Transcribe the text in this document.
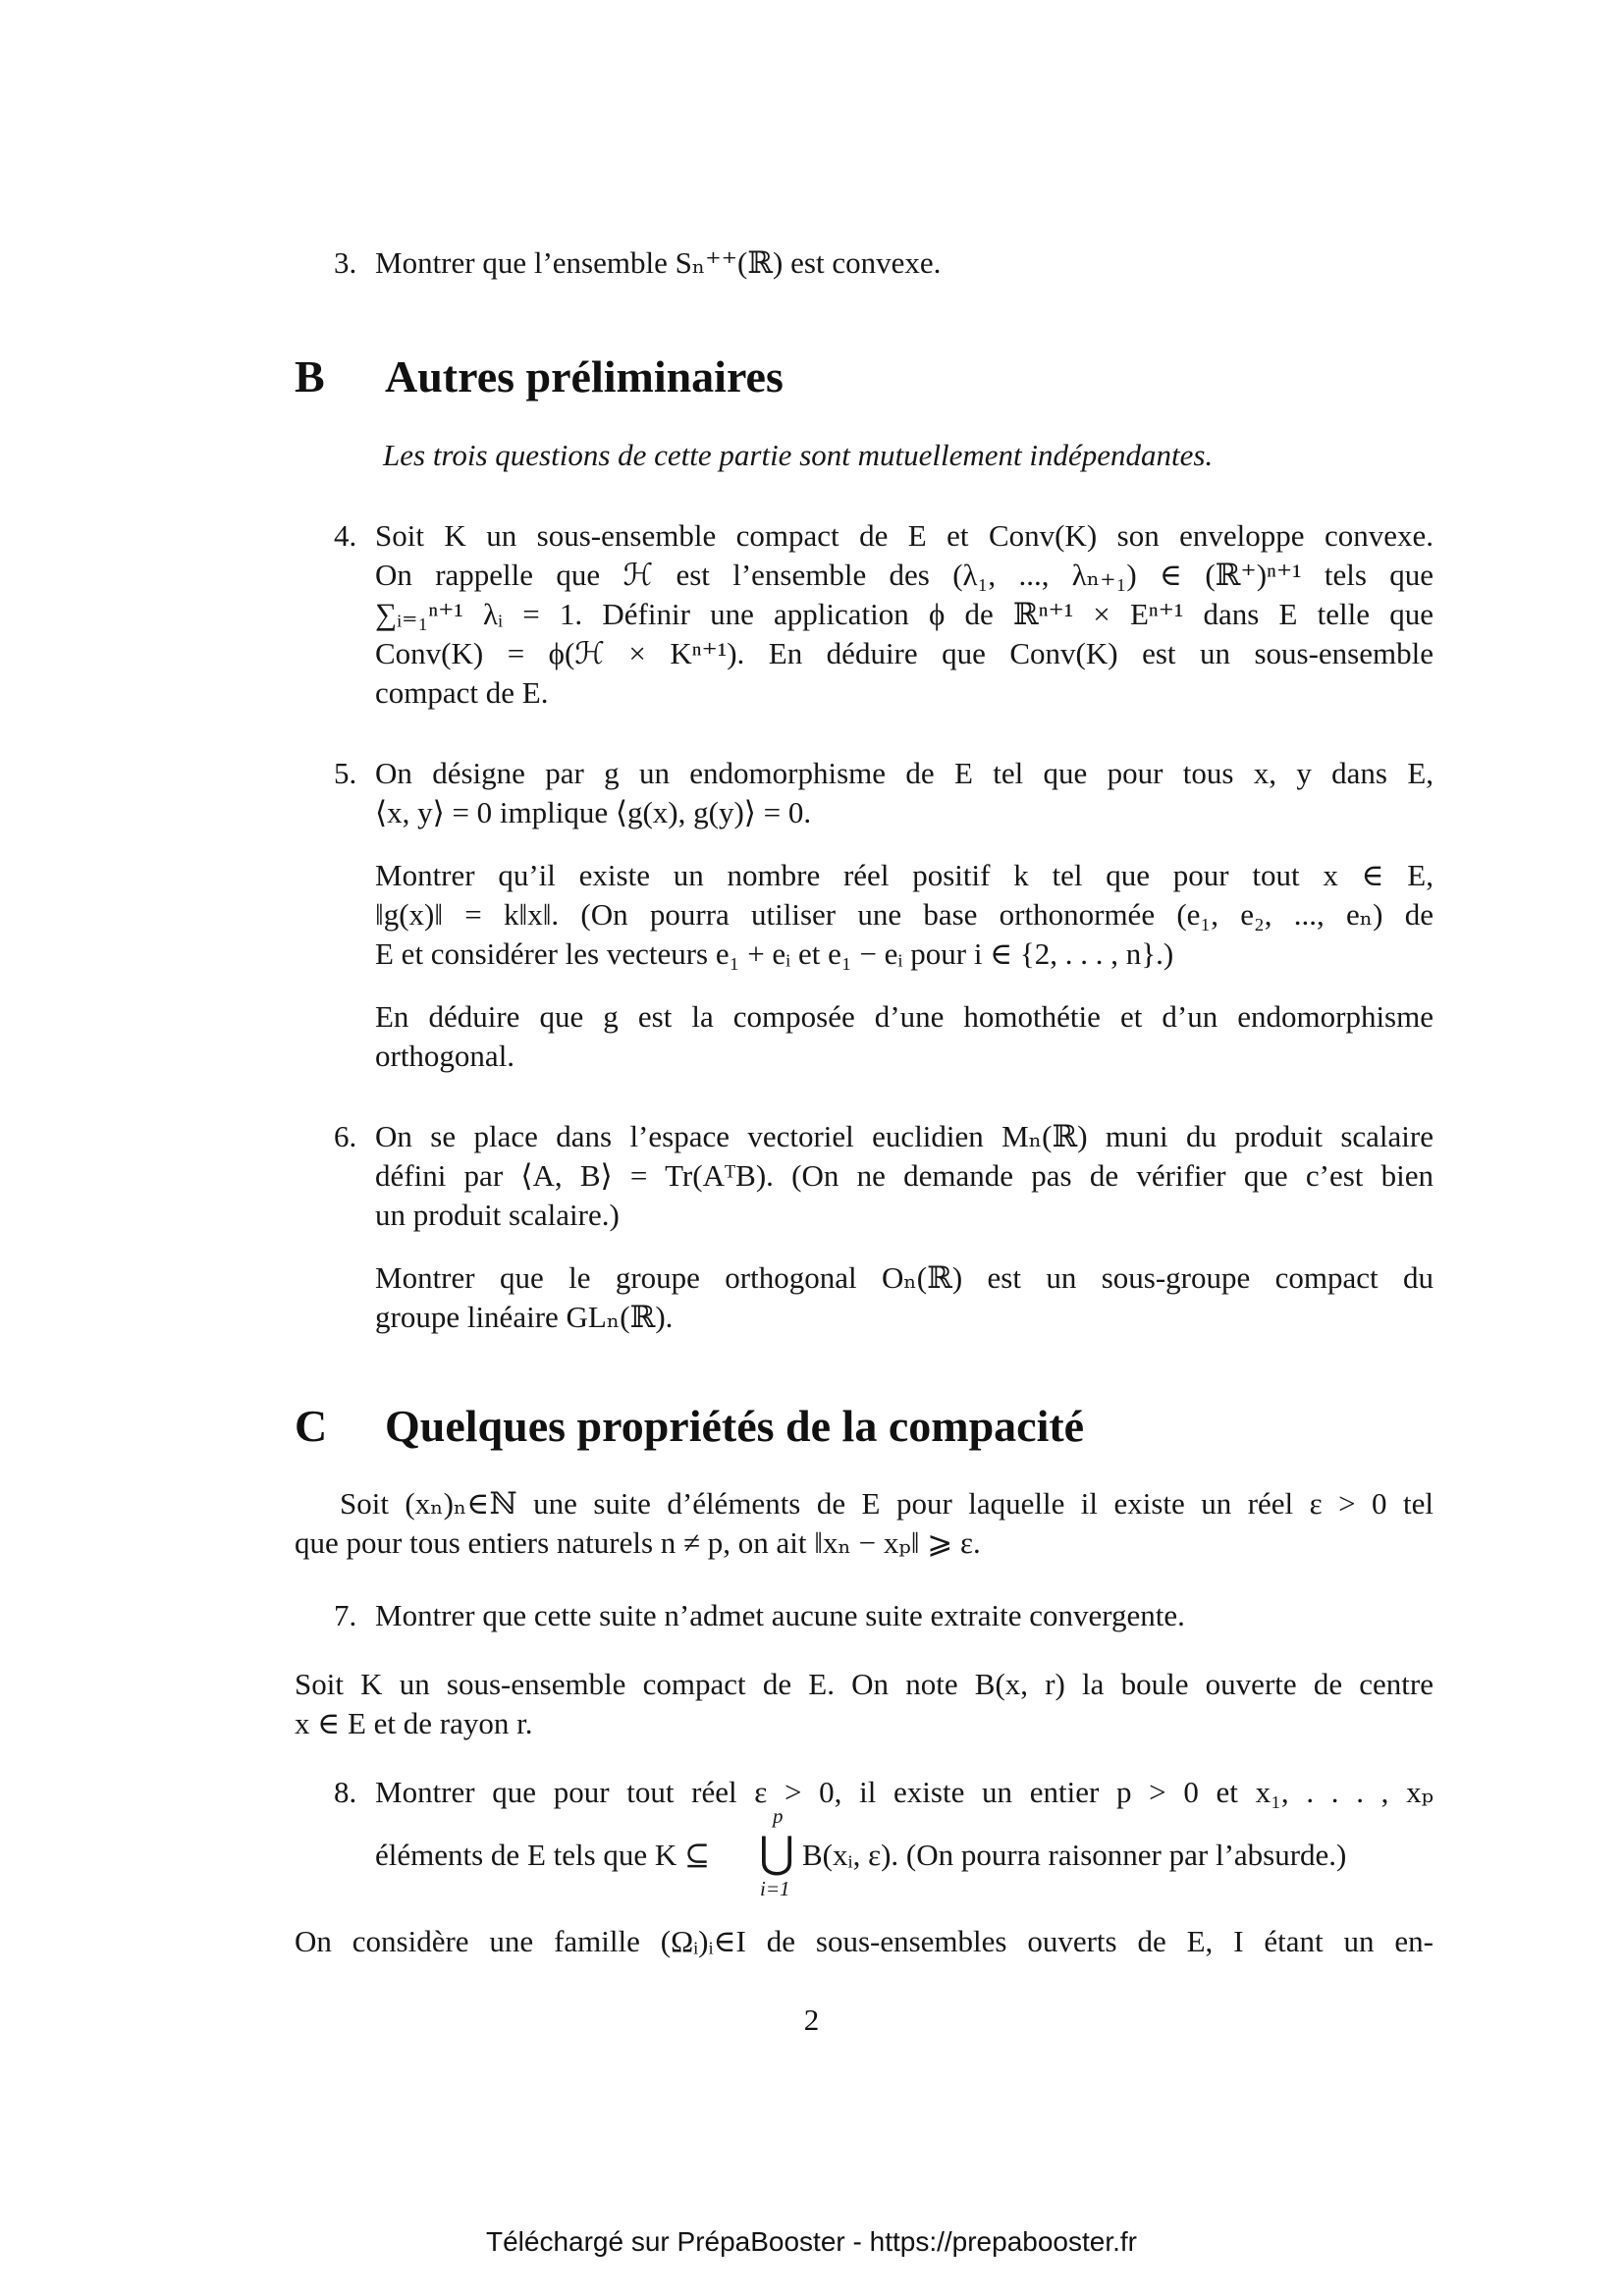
3. Montrer que l’ensemble Sₙ⁺⁺(ℝ) est convexe.
B Autres préliminaires
Les trois questions de cette partie sont mutuellement indépendantes.
4. Soit K un sous-ensemble compact de E et Conv(K) son enveloppe convexe.
On rappelle que ℋ est l’ensemble des (λ₁, ..., λₙ₊₁) ∈ (ℝ⁺)ⁿ⁺¹ tels que
∑ᵢ₌₁ⁿ⁺¹ λᵢ = 1. Définir une application ϕ de ℝⁿ⁺¹ × Eⁿ⁺¹ dans E telle que
Conv(K) = ϕ(ℋ × Kⁿ⁺¹). En déduire que Conv(K) est un sous-ensemble
compact de E.
5. On désigne par g un endomorphisme de E tel que pour tous x, y dans E,
⟨x, y⟩ = 0 implique ⟨g(x), g(y)⟩ = 0.
Montrer qu’il existe un nombre réel positif k tel que pour tout x ∈ E,
‖g(x)‖ = k‖x‖. (On pourra utiliser une base orthonormée (e₁, e₂, ..., eₙ) de
E et considérer les vecteurs e₁ + eᵢ et e₁ − eᵢ pour i ∈ {2, . . . , n}.)
En déduire que g est la composée d’une homothétie et d’un endomorphisme
orthogonal.
6. On se place dans l’espace vectoriel euclidien Mₙ(ℝ) muni du produit scalaire
défini par ⟨A, B⟩ = Tr(AᵀB). (On ne demande pas de vérifier que c’est bien
un produit scalaire.)
Montrer que le groupe orthogonal Oₙ(ℝ) est un sous-groupe compact du
groupe linéaire GLₙ(ℝ).
C Quelques propriétés de la compacité
Soit (xₙ)ₙ∈ℕ une suite d’éléments de E pour laquelle il existe un réel ε > 0 tel
que pour tous entiers naturels n ≠ p, on ait ‖xₙ − xₚ‖ ⩾ ε.
7. Montrer que cette suite n’admet aucune suite extraite convergente.
Soit K un sous-ensemble compact de E. On note B(x, r) la boule ouverte de centre
x ∈ E et de rayon r.
8. Montrer que pour tout réel ε > 0, il existe un entier p > 0 et x₁, . . . , xₚ
éléments de E tels que K ⊆
p
⋃
i=1
B(xᵢ, ε). (On pourra raisonner par l’absurde.)
On considère une famille (Ωᵢ)ᵢ∈I de sous-ensembles ouverts de E, I étant un en-
2
Téléchargé sur PrépaBooster - https://prepabooster.fr
